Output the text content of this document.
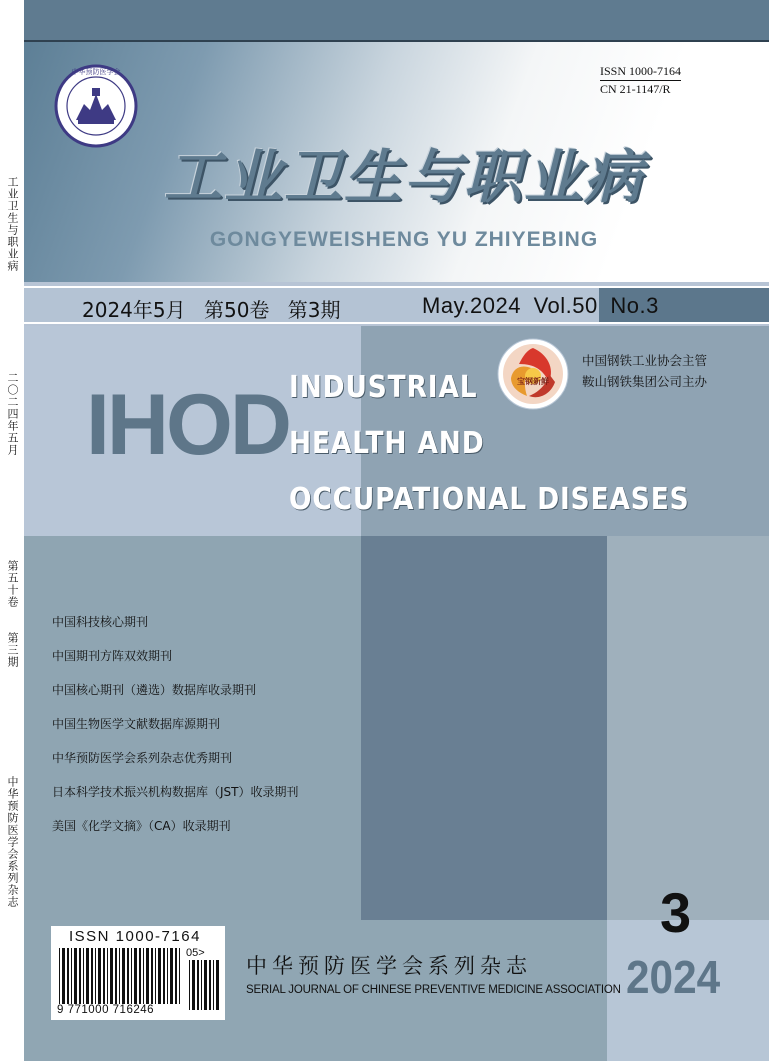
工业卫生与职业病
二〇二四年五月
第五十卷
第三期
中华预防医学会系列杂志
中华预防医学会	ISSN 1000-7164
CN 21-1147/R
工业卫生与职业病
GONGYEWEISHENG YU ZHIYEBING
2024年5月 第50卷 第3期	May.2024 Vol.50 No.3
IHOD INDUSTRIAL
HEALTH AND
OCCUPATIONAL DISEASES
宝钢新鲜
中国钢铁工业协会主管
鞍山钢铁集团公司主办
中国科技核心期刊
中国期刊方阵双效期刊
中国核心期刊（遴选）数据库收录期刊
中国生物医学文献数据库源期刊
中华预防医学会系列杂志优秀期刊
日本科学技术振兴机构数据库（JST）收录期刊
美国《化学文摘》（CA）收录期刊
ISSN 1000-7164
05>
9 771000 716246
中华预防医学会系列杂志
SERIAL JOURNAL OF CHINESE PREVENTIVE MEDICINE ASSOCIATION
3
2024
